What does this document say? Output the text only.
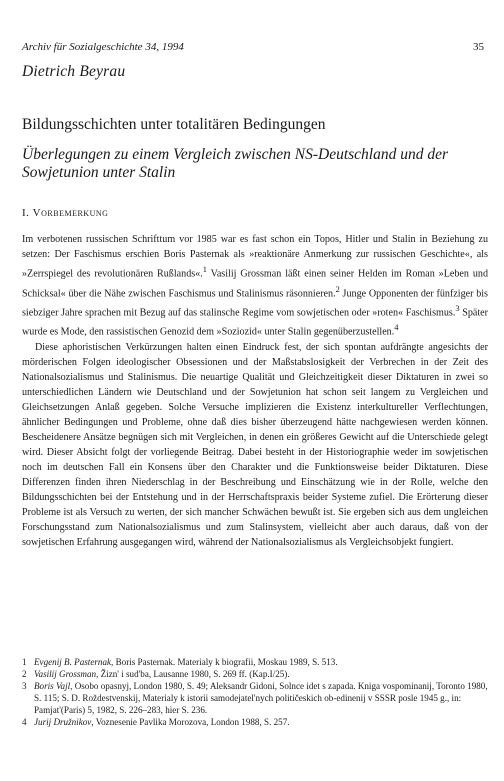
Archiv für Sozialgeschichte 34, 1994	35
Dietrich Beyrau
Bildungsschichten unter totalitären Bedingungen
Überlegungen zu einem Vergleich zwischen NS-Deutschland und der Sowjetunion unter Stalin
I. Vorbemerkung

Im verbotenen russischen Schrifttum vor 1985 war es fast schon ein Topos, Hitler und Stalin in Beziehung zu setzen: Der Faschismus erschien Boris Pasternak als »reaktionäre Anmerkung zur russischen Geschichte«, als »Zerrspiegel des revolutionären Rußlands«.$^1$ Vasilij Grossman läßt einen seiner Helden im Roman »Leben und Schicksal« über die Nähe zwischen Faschismus und Stalinismus räsonnieren.$^2$ Junge Opponenten der fünfziger bis siebziger Jahre sprachen mit Bezug auf das stalinsche Regime vom sowjetischen oder »roten« Faschismus.$^3$ Später wurde es Mode, den rassistischen Genozid dem »Soziozid« unter Stalin gegenüberzustellen.$^4$

Diese aphoristischen Verkürzungen halten einen Eindruck fest, der sich spontan aufdrängte angesichts der mörderischen Folgen ideologischer Obsessionen und der Maßstabslosigkeit der Verbrechen in der Zeit des Nationalsozialismus und Stalinismus. Die neuartige Qualität und Gleichzeitigkeit dieser Diktaturen in zwei so unterschiedlichen Ländern wie Deutschland und der Sowjetunion hat schon seit langem zu Vergleichen und Gleichsetzungen Anlaß gegeben. Solche Versuche implizieren die Existenz interkultureller Verflechtungen, ähnlicher Bedingungen und Probleme, ohne daß dies bisher überzeugend hätte nachgewiesen werden können. Bescheidenere Ansätze begnügen sich mit Vergleichen, in denen ein größeres Gewicht auf die Unterschiede gelegt wird. Dieser Absicht folgt der vorliegende Beitrag. Dabei besteht in der Historiographie weder im sowjetischen noch im deutschen Fall ein Konsens über den Charakter und die Funktionsweise beider Diktaturen. Diese Differenzen finden ihren Niederschlag in der Beschreibung und Einschätzung wie in der Rolle, welche den Bildungsschichten bei der Entstehung und in der Herrschaftspraxis beider Systeme zufiel. Die Erörterung dieser Probleme ist als Versuch zu werten, der sich mancher Schwächen bewußt ist. Sie ergeben sich aus dem ungleichen Forschungsstand zum Nationalsozialismus und zum Stalinsystem, vielleicht aber auch daraus, daß von der sowjetischen Erfahrung ausgegangen wird, während der Nationalsozialismus als Vergleichsobjekt fungiert.

1 Evgenij B. Pasternak, Boris Pasternak. Materialy k biografii, Moskau 1989, S. 513.
2 Vasilij Grossman, Žizn' i sud'ba, Lausanne 1980, S. 269 ff. (Kap.I/25).
3 Boris Vajl, Osobo opasnyj, London 1980, S. 49; Aleksandr Gidoni, Solnce idet s zapada. Kniga vospominanij, Toronto 1980, S. 115; S. D. Roždestvenskij, Materialy k istorii samodejatel'nych političeskich ob-edinenij v SSSR posle 1945 g., in: Pamjat'(Paris) 5, 1982, S. 226–283, hier S. 236.
4 Jurij Družnikov, Voznesenie Pavlika Morozova, London 1988, S. 257.
